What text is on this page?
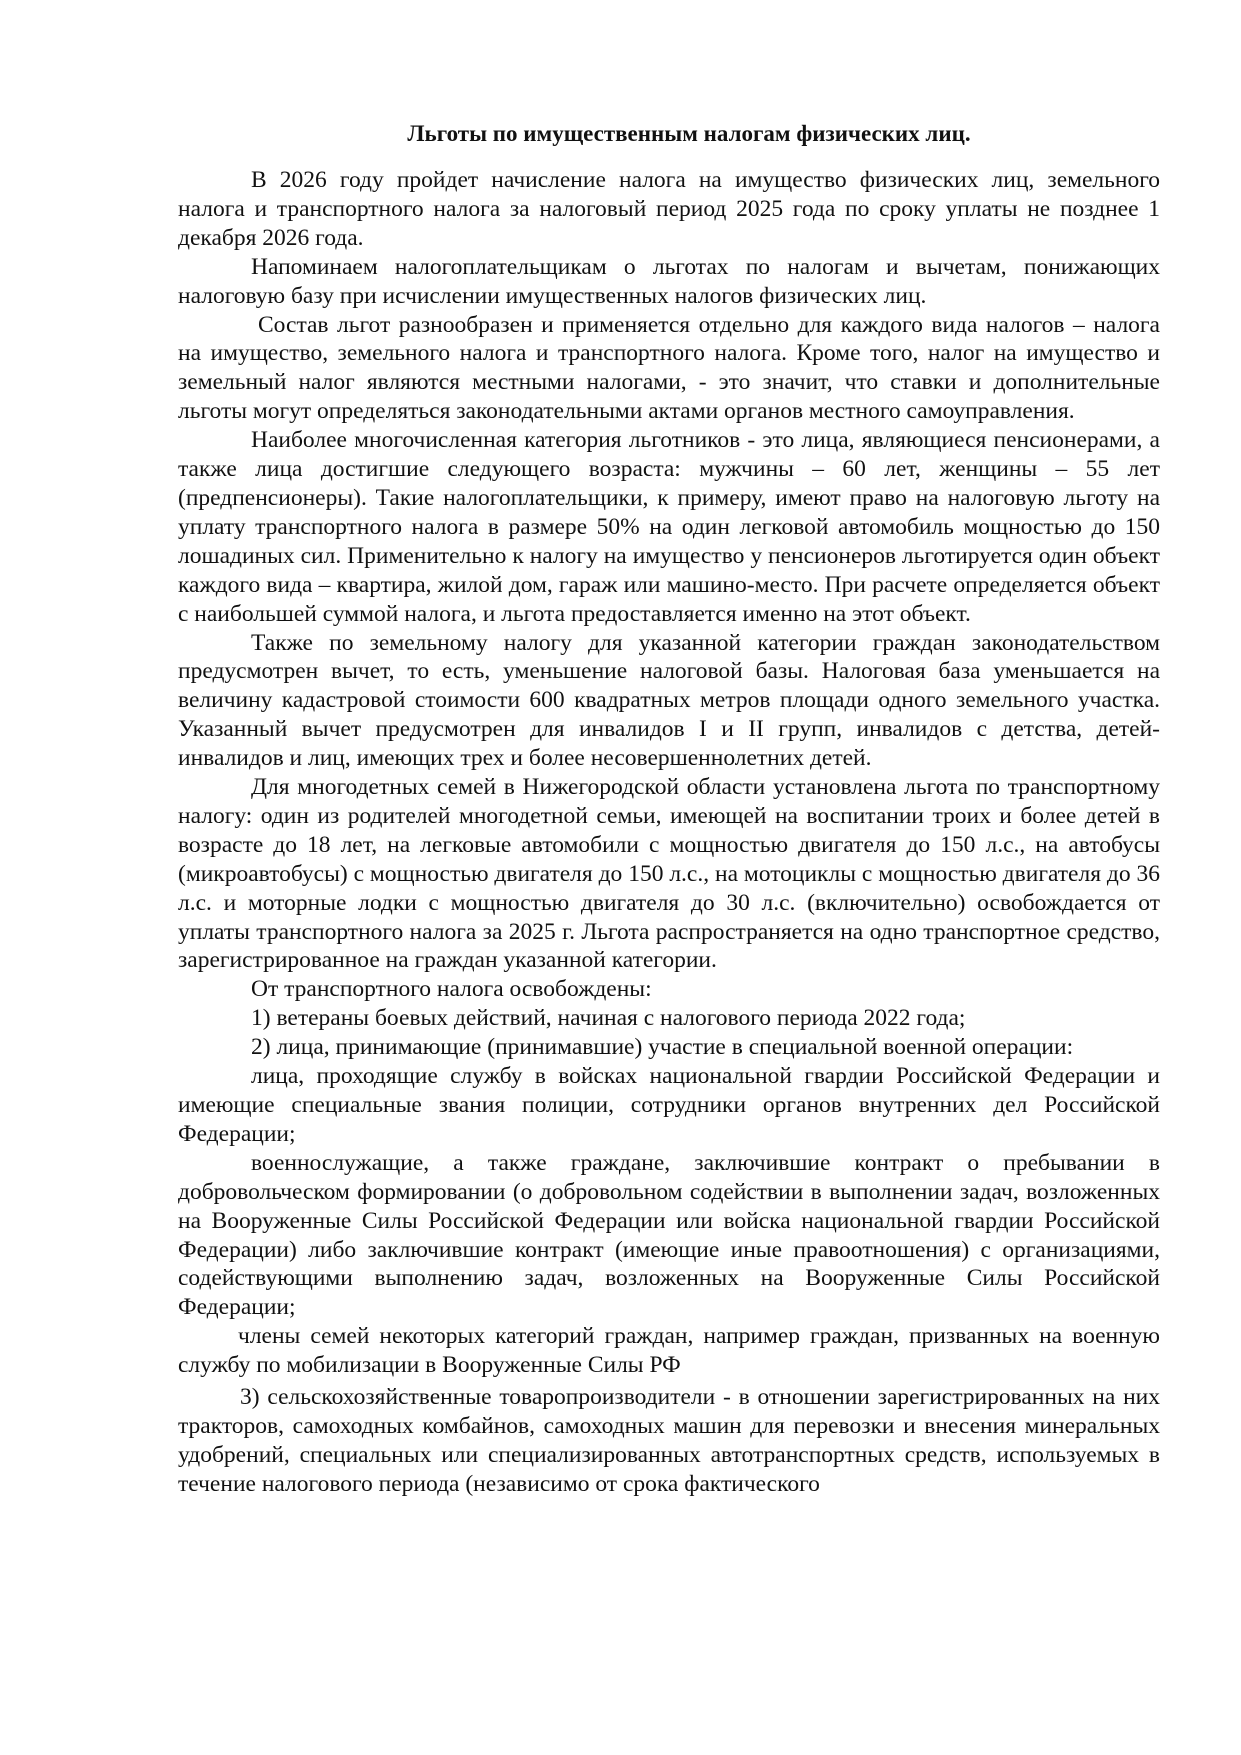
Льготы по имущественным налогам физических лиц.

В 2026 году пройдет начисление налога на имущество физических лиц, земельного налога и транспортного налога за налоговый период 2025 года по сроку уплаты не позднее 1 декабря 2026 года.

Напоминаем налогоплательщикам о льготах по налогам и вычетам, понижающих налоговую базу при исчислении имущественных налогов физических лиц.

Состав льгот разнообразен и применяется отдельно для каждого вида налогов – налога на имущество, земельного налога и транспортного налога. Кроме того, налог на имущество и земельный налог являются местными налогами, - это значит, что ставки и дополнительные льготы могут определяться законодательными актами органов местного самоуправления.

Наиболее многочисленная категория льготников - это лица, являющиеся пенсионерами, а также лица достигшие следующего возраста: мужчины – 60 лет, женщины – 55 лет (предпенсионеры). Такие налогоплательщики, к примеру, имеют право на налоговую льготу на уплату транспортного налога в размере 50% на один легковой автомобиль мощностью до 150 лошадиных сил. Применительно к налогу на имущество у пенсионеров льготируется один объект каждого вида – квартира, жилой дом, гараж или машино-место. При расчете определяется объект с наибольшей суммой налога, и льгота предоставляется именно на этот объект.

Также по земельному налогу для указанной категории граждан законодательством предусмотрен вычет, то есть, уменьшение налоговой базы. Налоговая база уменьшается на величину кадастровой стоимости 600 квадратных метров площади одного земельного участка. Указанный вычет предусмотрен для инвалидов I и II групп, инвалидов с детства, детей-инвалидов и лиц, имеющих трех и более несовершеннолетних детей.

Для многодетных семей в Нижегородской области установлена льгота по транспортному налогу: один из родителей многодетной семьи, имеющей на воспитании троих и более детей в возрасте до 18 лет, на легковые автомобили с мощностью двигателя до 150 л.с., на автобусы (микроавтобусы) с мощностью двигателя до 150 л.с., на мотоциклы с мощностью двигателя до 36 л.с. и моторные лодки с мощностью двигателя до 30 л.с. (включительно) освобождается от уплаты транспортного налога за 2025 г. Льгота распространяется на одно транспортное средство, зарегистрированное на граждан указанной категории.

От транспортного налога освобождены:

1) ветераны боевых действий, начиная с налогового периода 2022 года;

2) лица, принимающие (принимавшие) участие в специальной военной операции:

лица, проходящие службу в войсках национальной гвардии Российской Федерации и имеющие специальные звания полиции, сотрудники органов внутренних дел Российской Федерации;

военнослужащие, а также граждане, заключившие контракт о пребывании в добровольческом формировании (о добровольном содействии в выполнении задач, возложенных на Вооруженные Силы Российской Федерации или войска национальной гвардии Российской Федерации) либо заключившие контракт (имеющие иные правоотношения) с организациями, содействующими выполнению задач, возложенных на Вооруженные Силы Российской Федерации;

члены семей некоторых категорий граждан, например граждан, призванных на военную службу по мобилизации в Вооруженные Силы РФ

3) сельскохозяйственные товаропроизводители - в отношении зарегистрированных на них тракторов, самоходных комбайнов, самоходных машин для перевозки и внесения минеральных удобрений, специальных или специализированных автотранспортных средств, используемых в течение налогового периода (независимо от срока фактического
